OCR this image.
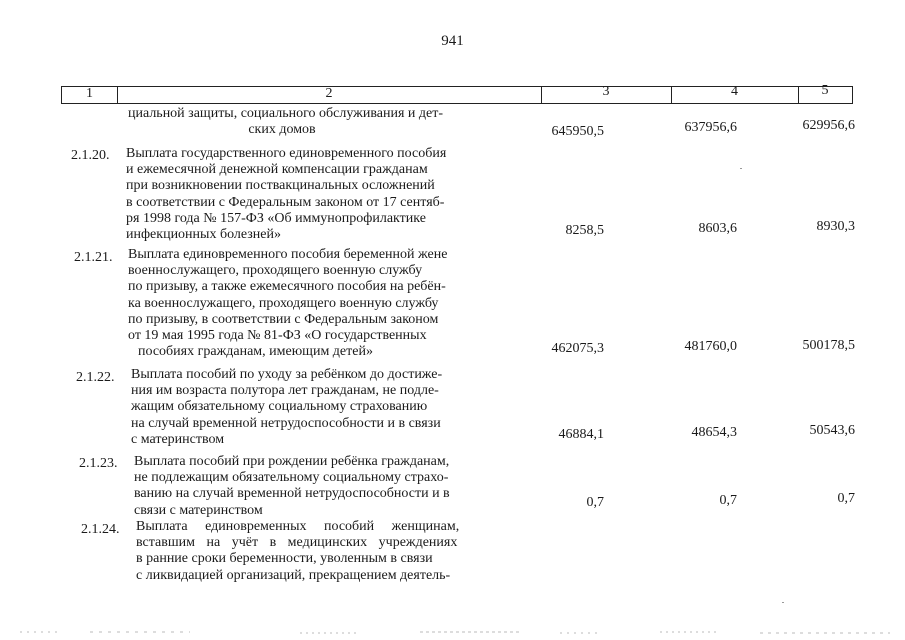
941
1	2	3	4	5
циальной защиты, социального обслуживания и дет-
ских домов	645950,5	637956,6	629956,6
2.1.20. Выплата государственного единовременного пособия
и ежемесячной денежной компенсации гражданам
при возникновении поствакцинальных осложнений
в соответствии с Федеральным законом от 17 сентяб-
ря 1998 года № 157-ФЗ «Об иммунопрофилактике
инфекционных болезней»	8258,5	8603,6	8930,3
2.1.21. Выплата единовременного пособия беременной жене
военнослужащего, проходящего военную службу
по призыву, а также ежемесячного пособия на ребён-
ка военнослужащего, проходящего военную службу
по призыву, в соответствии с Федеральным законом
от 19 мая 1995 года № 81-ФЗ «О государственных
пособиях гражданам, имеющим детей»	462075,3	481760,0	500178,5
2.1.22. Выплата пособий по уходу за ребёнком до достиже-
ния им возраста полутора лет гражданам, не подле-
жащим обязательному социальному страхованию
на случай временной нетрудоспособности и в связи
с материнством	46884,1	48654,3	50543,6
2.1.23. Выплата пособий при рождении ребёнка гражданам,
не подлежащим обязательному социальному страхо-
ванию на случай временной нетрудоспособности и в
связи с материнством
0,7	0,7	0,7
2.1.24. Выплата единовременных пособий женщинам,
вставшим на учёт в медицинских учреждениях
в ранние сроки беременности, уволенным в связи
с ликвидацией организаций, прекращением деятель-
